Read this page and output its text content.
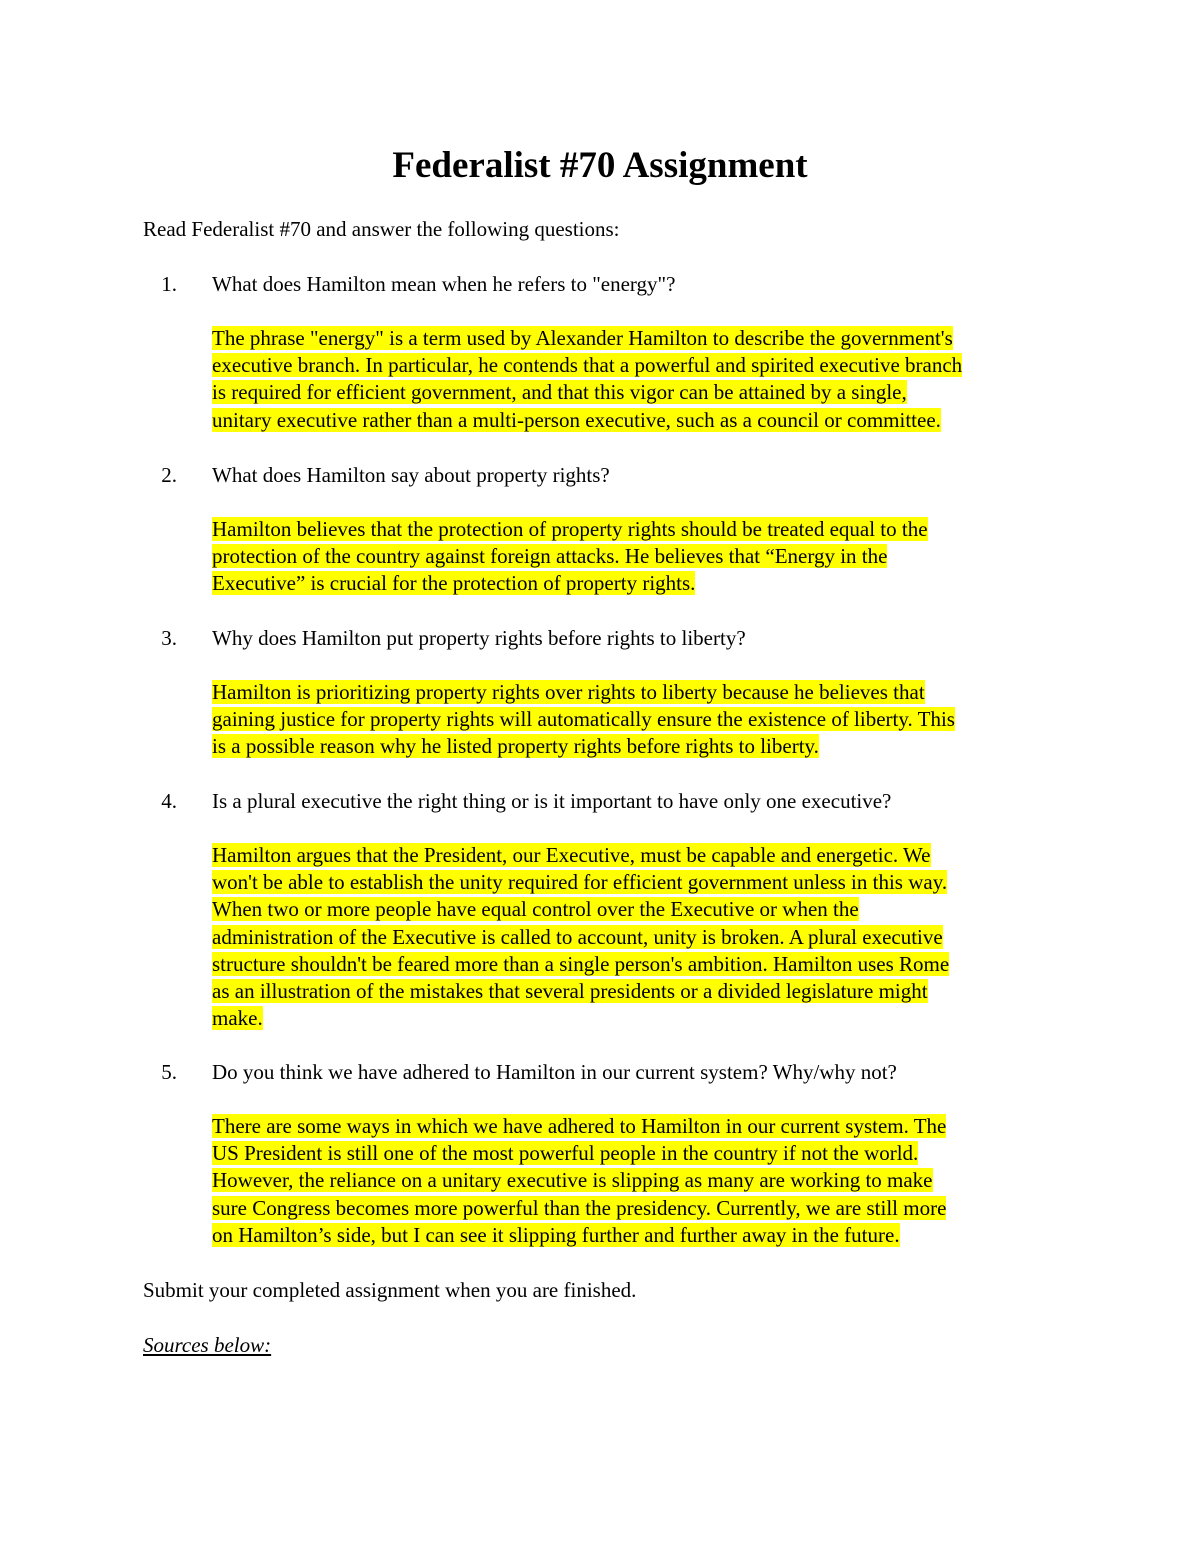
Federalist #70 Assignment

Read Federalist #70 and answer the following questions:

1. What does Hamilton mean when he refers to "energy"?

The phrase "energy" is a term used by Alexander Hamilton to describe the government's
executive branch. In particular, he contends that a powerful and spirited executive branch
is required for efficient government, and that this vigor can be attained by a single,
unitary executive rather than a multi-person executive, such as a council or committee.

2. What does Hamilton say about property rights?

Hamilton believes that the protection of property rights should be treated equal to the
protection of the country against foreign attacks. He believes that “Energy in the
Executive” is crucial for the protection of property rights.

3. Why does Hamilton put property rights before rights to liberty?

Hamilton is prioritizing property rights over rights to liberty because he believes that
gaining justice for property rights will automatically ensure the existence of liberty. This
is a possible reason why he listed property rights before rights to liberty.

4. Is a plural executive the right thing or is it important to have only one executive?

Hamilton argues that the President, our Executive, must be capable and energetic. We
won't be able to establish the unity required for efficient government unless in this way.
When two or more people have equal control over the Executive or when the
administration of the Executive is called to account, unity is broken. A plural executive
structure shouldn't be feared more than a single person's ambition. Hamilton uses Rome
as an illustration of the mistakes that several presidents or a divided legislature might
make.

5. Do you think we have adhered to Hamilton in our current system? Why/why not?

There are some ways in which we have adhered to Hamilton in our current system. The
US President is still one of the most powerful people in the country if not the world.
However, the reliance on a unitary executive is slipping as many are working to make
sure Congress becomes more powerful than the presidency. Currently, we are still more
on Hamilton’s side, but I can see it slipping further and further away in the future.

Submit your completed assignment when you are finished.

Sources below:
